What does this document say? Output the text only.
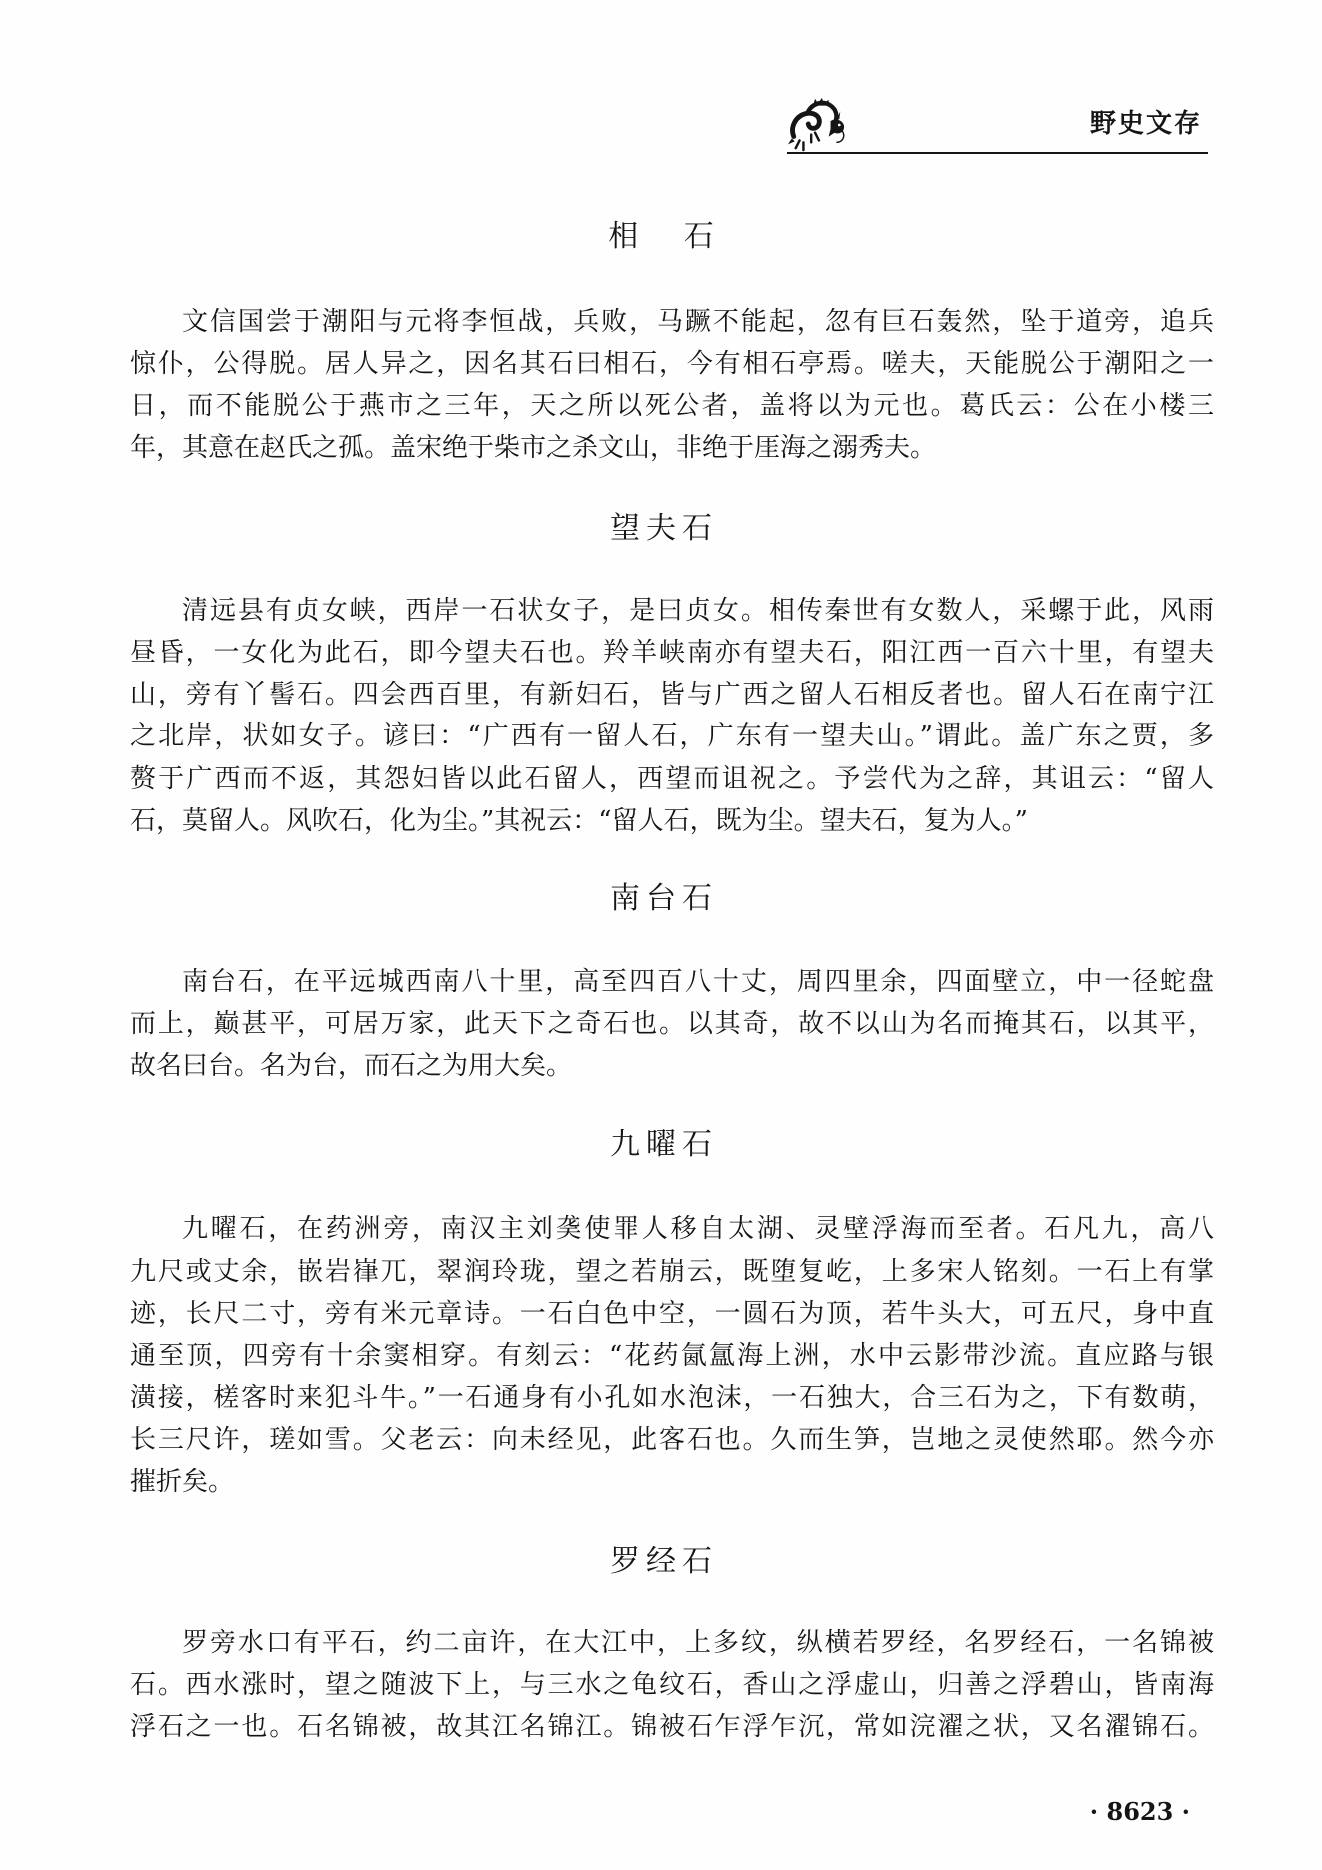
野史文存
相 石
文信国尝于潮阳与元将李恒战，兵败，马蹶不能起，忽有巨石轰然，坠于道旁，追兵
惊仆，公得脱。居人异之，因名其石曰相石，今有相石亭焉。嗟夫，天能脱公于潮阳之一
日，而不能脱公于燕市之三年，天之所以死公者，盖将以为元也。葛氏云：公在小楼三
年，其意在赵氏之孤。盖宋绝于柴市之杀文山，非绝于厓海之溺秀夫。
望夫石
清远县有贞女峡，西岸一石状女子，是曰贞女。相传秦世有女数人，采螺于此，风雨
昼昏，一女化为此石，即今望夫石也。羚羊峡南亦有望夫石，阳江西一百六十里，有望夫
山，旁有丫髻石。四会西百里，有新妇石，皆与广西之留人石相反者也。留人石在南宁江
之北岸，状如女子。谚曰：“广西有一留人石，广东有一望夫山。”谓此。盖广东之贾，多
赘于广西而不返，其怨妇皆以此石留人，西望而诅祝之。予尝代为之辞，其诅云：“留人
石，莫留人。风吹石，化为尘。”其祝云：“留人石，既为尘。望夫石，复为人。”
南台石
南台石，在平远城西南八十里，高至四百八十丈，周四里余，四面壁立，中一径蛇盘
而上，巅甚平，可居万家，此天下之奇石也。以其奇，故不以山为名而掩其石，以其平，
故名曰台。名为台，而石之为用大矣。
九曜石
九曜石，在药洲旁，南汉主刘䶮使罪人移自太湖、灵壁浮海而至者。石凡九，高八
九尺或丈余，嵌岩嵂兀，翠润玲珑，望之若崩云，既堕复屹，上多宋人铭刻。一石上有掌
迹，长尺二寸，旁有米元章诗。一石白色中空，一圆石为顶，若牛头大，可五尺，身中直
通至顶，四旁有十余窦相穿。有刻云：“花药氤氲海上洲，水中云影带沙流。直应路与银
潢接，槎客时来犯斗牛。”一石通身有小孔如水泡沫，一石独大，合三石为之，下有数萌，
长三尺许，瑳如雪。父老云：向未经见，此客石也。久而生笋，岂地之灵使然耶。然今亦
摧折矣。
罗经石
罗旁水口有平石，约二亩许，在大江中，上多纹，纵横若罗经，名罗经石，一名锦被
石。西水涨时，望之随波下上，与三水之龟纹石，香山之浮虚山，归善之浮碧山，皆南海
浮石之一也。石名锦被，故其江名锦江。锦被石乍浮乍沉，常如浣濯之状，又名濯锦石。
· 8623 ·
